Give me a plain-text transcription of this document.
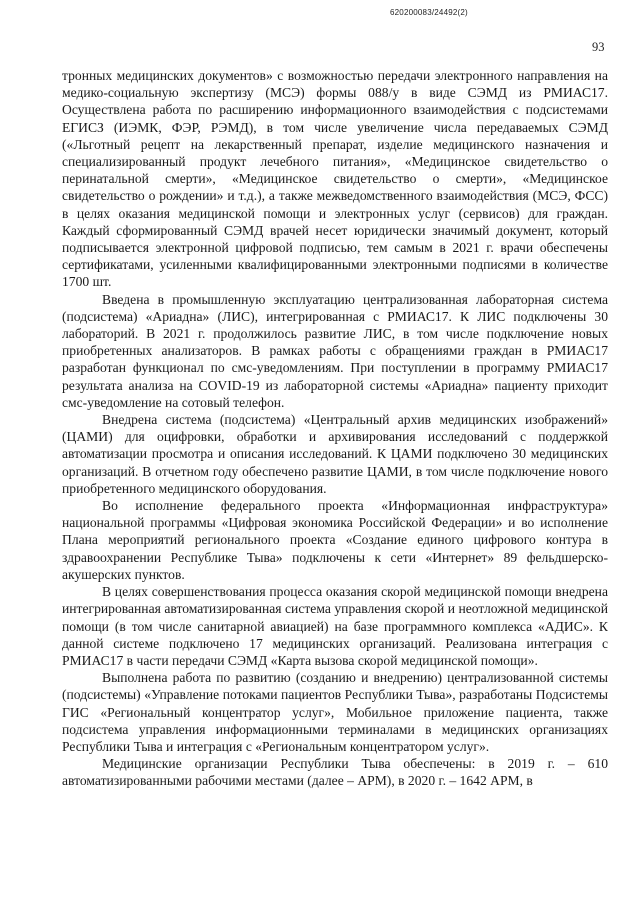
620200083/24492(2)
93

тронных медицинских документов» с возможностью передачи электронного направления на медико-социальную экспертизу (МСЭ) формы 088/у в виде СЭМД из РМИАС17. Осуществлена работа по расширению информационного взаимодействия с подсистемами ЕГИСЗ (ИЭМК, ФЭР, РЭМД), в том числе увеличение числа передаваемых СЭМД («Льготный рецепт на лекарственный препарат, изделие медицинского назначения и специализированный продукт лечебного питания», «Медицинское свидетельство о перинатальной смерти», «Медицинское свидетельство о смерти», «Медицинское свидетельство о рождении» и т.д.), а также межведомственного взаимодействия (МСЭ, ФСС) в целях оказания медицинской помощи и электронных услуг (сервисов) для граждан. Каждый сформированный СЭМД врачей несет юридически значимый документ, который подписывается электронной цифровой подписью, тем самым в 2021 г. врачи обеспечены сертификатами, усиленными квалифицированными электронными подписями в количестве 1700 шт.

Введена в промышленную эксплуатацию централизованная лабораторная система (подсистема) «Ариадна» (ЛИС), интегрированная с РМИАС17. К ЛИС подключены 30 лабораторий. В 2021 г. продолжилось развитие ЛИС, в том числе подключение новых приобретенных анализаторов. В рамках работы с обращениями граждан в РМИАС17 разработан функционал по смс-уведомлениям. При поступлении в программу РМИАС17 результата анализа на COVID-19 из лабораторной системы «Ариадна» пациенту приходит смс-уведомление на сотовый телефон.

Внедрена система (подсистема) «Центральный архив медицинских изображений» (ЦАМИ) для оцифровки, обработки и архивирования исследований с поддержкой автоматизации просмотра и описания исследований. К ЦАМИ подключено 30 медицинских организаций. В отчетном году обеспечено развитие ЦАМИ, в том числе подключение нового приобретенного медицинского оборудования.

Во исполнение федерального проекта «Информационная инфраструктура» национальной программы «Цифровая экономика Российской Федерации» и во исполнение Плана мероприятий регионального проекта «Создание единого цифрового контура в здравоохранении Республике Тыва» подключены к сети «Интернет» 89 фельдшерско-акушерских пунктов.

В целях совершенствования процесса оказания скорой медицинской помощи внедрена интегрированная автоматизированная система управления скорой и неотложной медицинской помощи (в том числе санитарной авиацией) на базе программного комплекса «АДИС». К данной системе подключено 17 медицинских организаций. Реализована интеграция с РМИАС17 в части передачи СЭМД «Карта вызова скорой медицинской помощи».

Выполнена работа по развитию (созданию и внедрению) централизованной системы (подсистемы) «Управление потоками пациентов Республики Тыва», разработаны Подсистемы ГИС «Региональный концентратор услуг», Мобильное приложение пациента, также подсистема управления информационными терминалами в медицинских организациях Республики Тыва и интеграция с «Региональным концентратором услуг».

Медицинские организации Республики Тыва обеспечены: в 2019 г. – 610 автоматизированными рабочими местами (далее – АРМ), в 2020 г. – 1642 АРМ, в
